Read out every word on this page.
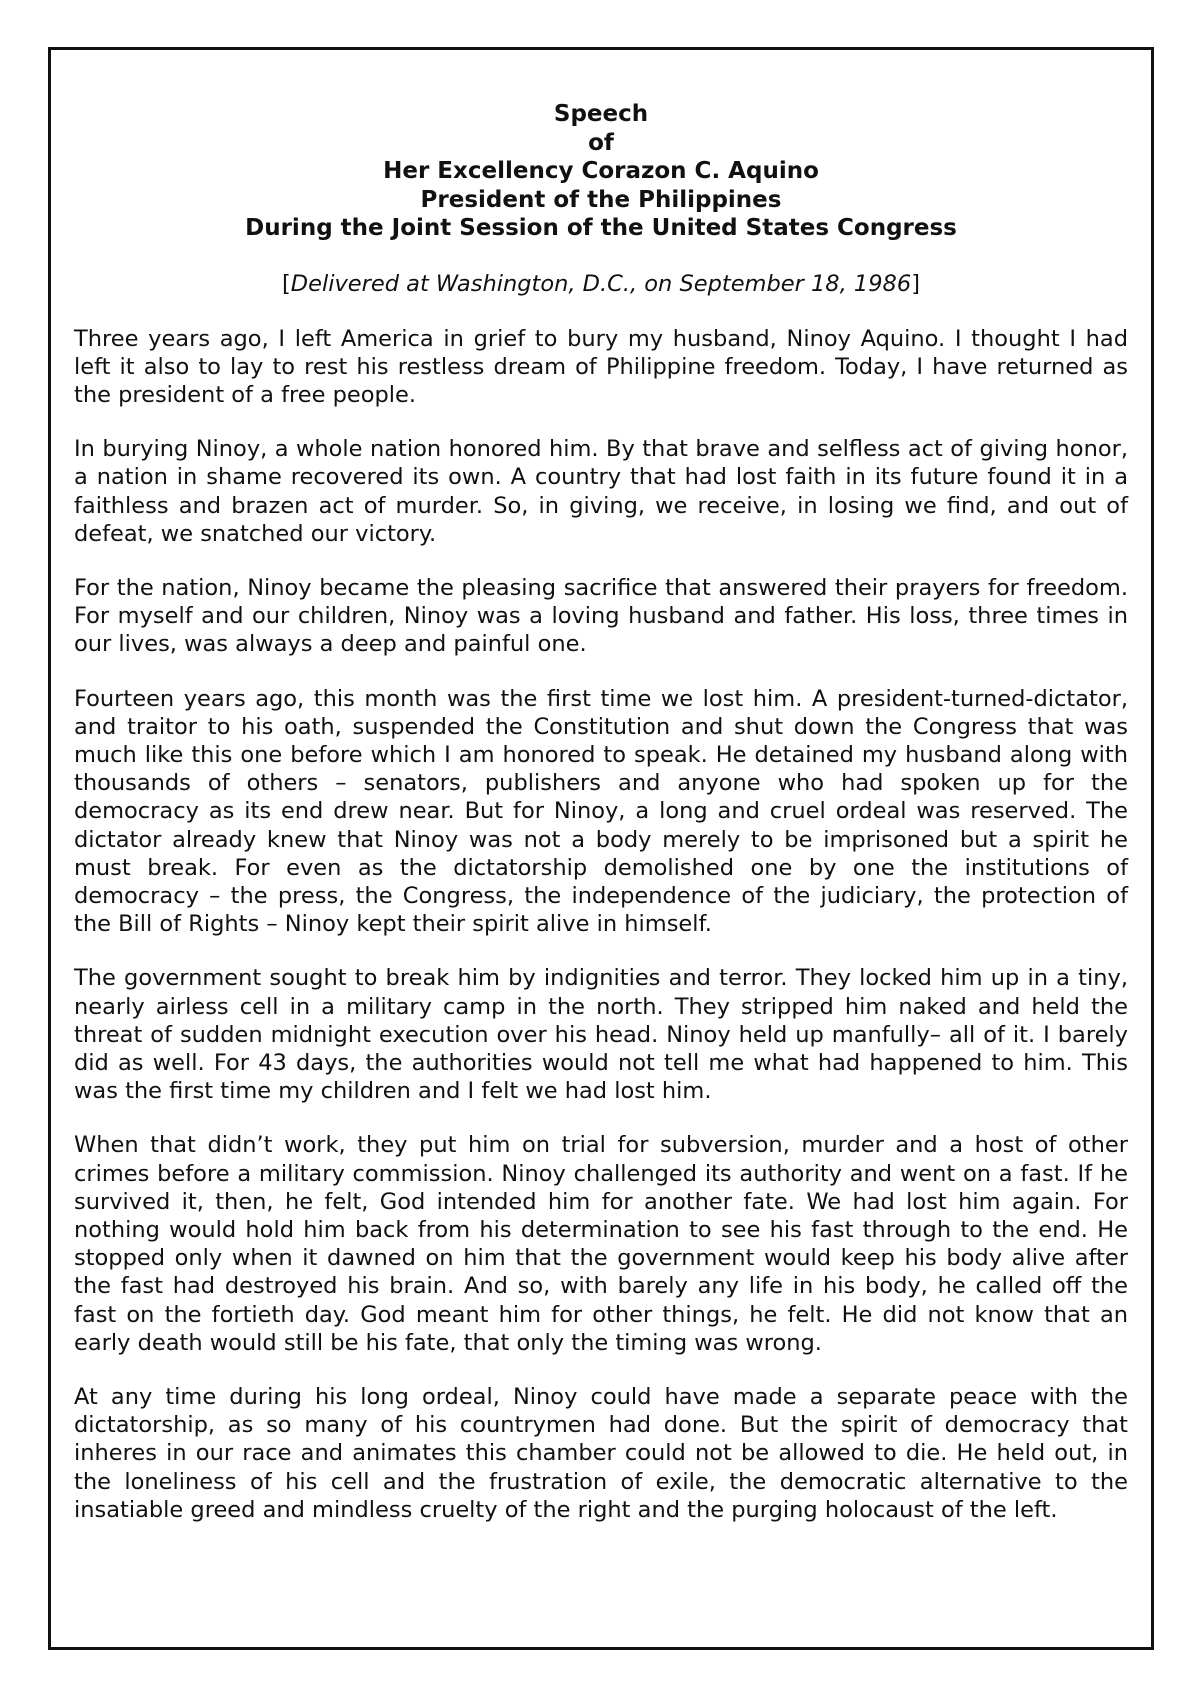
Speech
of
Her Excellency Corazon C. Aquino
President of the Philippines
During the Joint Session of the United States Congress
[Delivered at Washington, D.C., on September 18, 1986]

Three years ago, I left America in grief to bury my husband, Ninoy Aquino. I thought I had left it also to lay to rest his restless dream of Philippine freedom. Today, I have returned as the president of a free people.

In burying Ninoy, a whole nation honored him. By that brave and selfless act of giving honor, a nation in shame recovered its own. A country that had lost faith in its future found it in a faithless and brazen act of murder. So, in giving, we receive, in losing we find, and out of defeat, we snatched our victory.

For the nation, Ninoy became the pleasing sacrifice that answered their prayers for freedom. For myself and our children, Ninoy was a loving husband and father. His loss, three times in our lives, was always a deep and painful one.

Fourteen years ago, this month was the first time we lost him. A president-turned-dictator, and traitor to his oath, suspended the Constitution and shut down the Congress that was much like this one before which I am honored to speak. He detained my husband along with thousands of others – senators, publishers and anyone who had spoken up for the democracy as its end drew near. But for Ninoy, a long and cruel ordeal was reserved. The dictator already knew that Ninoy was not a body merely to be imprisoned but a spirit he must break. For even as the dictatorship demolished one by one the institutions of democracy – the press, the Congress, the independence of the judiciary, the protection of the Bill of Rights – Ninoy kept their spirit alive in himself.

The government sought to break him by indignities and terror. They locked him up in a tiny, nearly airless cell in a military camp in the north. They stripped him naked and held the threat of sudden midnight execution over his head. Ninoy held up manfully– all of it. I barely did as well. For 43 days, the authorities would not tell me what had happened to him. This was the first time my children and I felt we had lost him.

When that didn’t work, they put him on trial for subversion, murder and a host of other crimes before a military commission. Ninoy challenged its authority and went on a fast. If he survived it, then, he felt, God intended him for another fate. We had lost him again. For nothing would hold him back from his determination to see his fast through to the end. He stopped only when it dawned on him that the government would keep his body alive after the fast had destroyed his brain. And so, with barely any life in his body, he called off the fast on the fortieth day. God meant him for other things, he felt. He did not know that an early death would still be his fate, that only the timing was wrong.

At any time during his long ordeal, Ninoy could have made a separate peace with the dictatorship, as so many of his countrymen had done. But the spirit of democracy that inheres in our race and animates this chamber could not be allowed to die. He held out, in the loneliness of his cell and the frustration of exile, the democratic alternative to the insatiable greed and mindless cruelty of the right and the purging holocaust of the left.
